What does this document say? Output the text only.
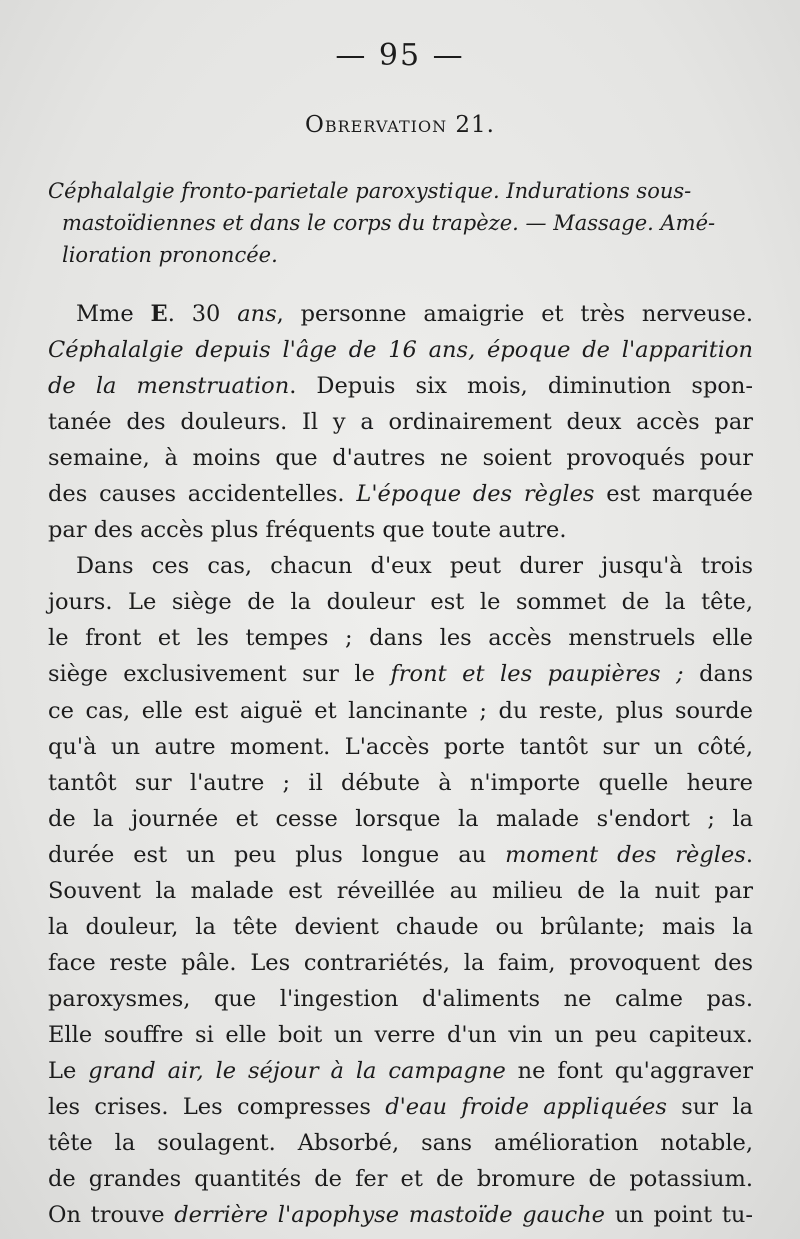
— 95 —
Obrervation 21.
Céphalalgie fronto-parietale paroxystique. Indurations sous-
mastoïdiennes et dans le corps du trapèze. — Massage. Amé-
lioration prononcée.
Mme E. 30 ans, personne amaigrie et très nerveuse.
Céphalalgie depuis l'âge de 16 ans, époque de l'apparition
de la menstruation. Depuis six mois, diminution spon-
tanée des douleurs. Il y a ordinairement deux accès par
semaine, à moins que d'autres ne soient provoqués pour
des causes accidentelles. L'époque des règles est marquée
par des accès plus fréquents que toute autre.
Dans ces cas, chacun d'eux peut durer jusqu'à trois
jours. Le siège de la douleur est le sommet de la tête,
le front et les tempes ; dans les accès menstruels elle
siège exclusivement sur le front et les paupières ; dans
ce cas, elle est aiguë et lancinante ; du reste, plus sourde
qu'à un autre moment. L'accès porte tantôt sur un côté,
tantôt sur l'autre ; il débute à n'importe quelle heure
de la journée et cesse lorsque la malade s'endort ; la
durée est un peu plus longue au moment des règles.
Souvent la malade est réveillée au milieu de la nuit par
la douleur, la tête devient chaude ou brûlante; mais la
face reste pâle. Les contrariétés, la faim, provoquent des
paroxysmes, que l'ingestion d'aliments ne calme pas.
Elle souffre si elle boit un verre d'un vin un peu capiteux.
Le grand air, le séjour à la campagne ne font qu'aggraver
les crises. Les compresses d'eau froide appliquées sur la
tête la soulagent. Absorbé, sans amélioration notable,
de grandes quantités de fer et de bromure de potassium.
On trouve derrière l'apophyse mastoïde gauche un point tu-
